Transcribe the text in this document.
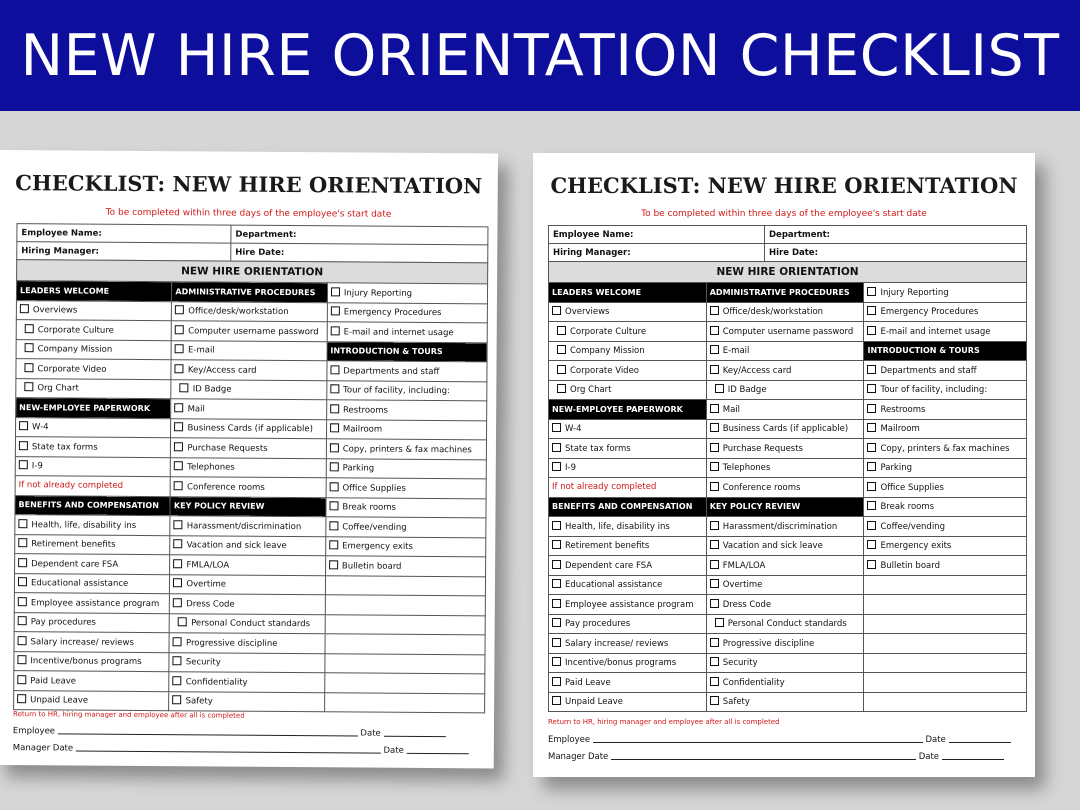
NEW HIRE ORIENTATION CHECKLIST
CHECKLIST: NEW HIRE ORIENTATION
To be completed within three days of the employee's start date
Employee Name:	Department:
Hiring Manager:	Hire Date:
NEW HIRE ORIENTATION
LEADERS WELCOME	ADMINISTRATIVE PROCEDURES	Injury Reporting
Overviews	Office/desk/workstation	Emergency Procedures
Corporate Culture	Computer username password	E-mail and internet usage
Company Mission	E-mail	INTRODUCTION & TOURS
Corporate Video	Key/Access card	Departments and staff
Org Chart	ID Badge	Tour of facility, including:
NEW-EMPLOYEE PAPERWORK	Mail	Restrooms
W-4	Business Cards (if applicable)	Mailroom
State tax forms	Purchase Requests	Copy, printers & fax machines
I-9	Telephones	Parking
If not already completed	Conference rooms	Office Supplies
BENEFITS AND COMPENSATION	KEY POLICY REVIEW	Break rooms
Health, life, disability ins	Harassment/discrimination	Coffee/vending
Retirement benefits	Vacation and sick leave	Emergency exits
Dependent care FSA	FMLA/LOA	Bulletin board
Educational assistance	Overtime	
Employee assistance program	Dress Code	
Pay procedures	Personal Conduct standards	
Salary increase/ reviews	Progressive discipline	
Incentive/bonus programs	Security	
Paid Leave	Confidentiality	
Unpaid Leave	Safety	
Return to HR, hiring manager and employee after all is completed
Employee	Date
Manager Date	Date
CHECKLIST: NEW HIRE ORIENTATION
To be completed within three days of the employee's start date
Employee Name:	Department:
Hiring Manager:	Hire Date:
NEW HIRE ORIENTATION
LEADERS WELCOME	ADMINISTRATIVE PROCEDURES	Injury Reporting
Overviews	Office/desk/workstation	Emergency Procedures
Corporate Culture	Computer username password	E-mail and internet usage
Company Mission	E-mail	INTRODUCTION & TOURS
Corporate Video	Key/Access card	Departments and staff
Org Chart	ID Badge	Tour of facility, including:
NEW-EMPLOYEE PAPERWORK	Mail	Restrooms
W-4	Business Cards (if applicable)	Mailroom
State tax forms	Purchase Requests	Copy, printers & fax machines
I-9	Telephones	Parking
If not already completed	Conference rooms	Office Supplies
BENEFITS AND COMPENSATION	KEY POLICY REVIEW	Break rooms
Health, life, disability ins	Harassment/discrimination	Coffee/vending
Retirement benefits	Vacation and sick leave	Emergency exits
Dependent care FSA	FMLA/LOA	Bulletin board
Educational assistance	Overtime	
Employee assistance program	Dress Code	
Pay procedures	Personal Conduct standards	
Salary increase/ reviews	Progressive discipline	
Incentive/bonus programs	Security	
Paid Leave	Confidentiality	
Unpaid Leave	Safety	
Return to HR, hiring manager and employee after all is completed
Employee	Date
Manager Date	Date
